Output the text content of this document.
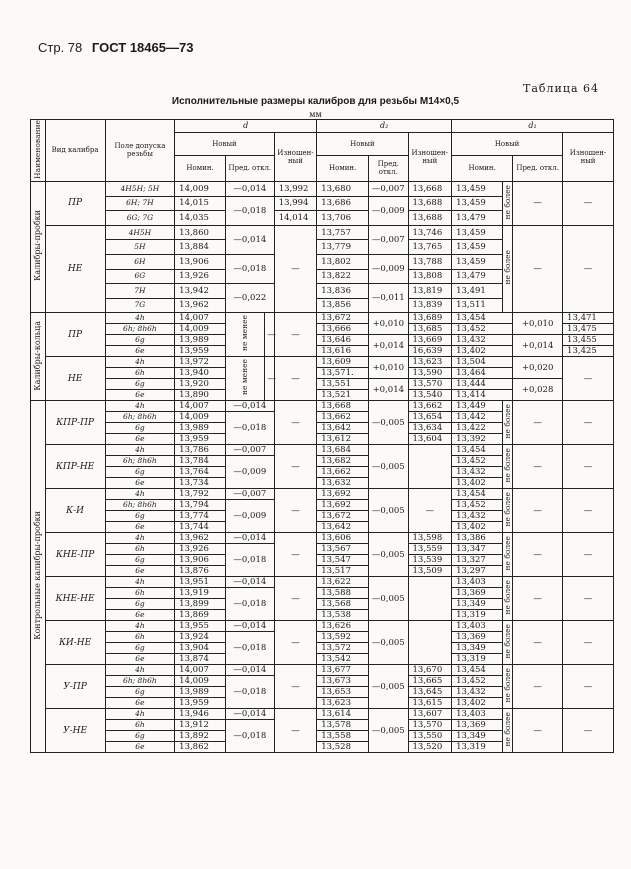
Стр. 78 ГОСТ 18465—73
Таблица 64
Исполнительные размеры калибров для резьбы М14×0,5
мм
Наименование	Вид калибра	Поле допуска резьбы	d				d₂			d₁			
			Новый			Изношенный	Новый		Изношенный	Новый			Изношенный
			Номин.	Пред. откл.			Номин.	Пред. откл.		Номин.		Пред. откл.	
Калибры-пробки	ПР	4H5H; 5H	14,009	—0,014		13,992	13,680	—0,007	13,668	13,459	не более	—	—
		6H; 7H	14,015	—0,018		13,994	13,686	—0,009	13,688	13,459			
		6G; 7G	14,035			14,014	13,706		13,688	13,479			
	НЕ	4H5H	13,860	—0,014		—	13,757	—0,007	13,746	13,459	не более	—	—
		5H	13,884				13,779		13,765	13,459			
		6H	13,906	—0,018			13,802	—0,009	13,788	13,459			
		6G	13,926				13,822		13,808	13,479			
		7H	13,942	—0,022			13,836	—0,011	13,819	13,491			
		7G	13,962				13,856		13,839	13,511			
Калибры-кольца	ПР	4h	14,007	не менее	—	—	13,672	+0,010	13,689	13,454		+0,010	13,471
		6h; 8h6h	14,009				13,666		13,685	13,452			13,475
		6g	13,989				13,646	+0,014	13,669	13,432		+0,014	13,455
		6e	13,959				13,616		16,639	13,402			13,425
	НЕ	4h	13,972	не менее	—	—	13,609	+0,010	13,623	13,504		+0,020	—
		6h	13,940				13,571.		13,590	13,464			
		6g	13,920				13,551	+0,014	13,570	13,444		+0,028	
		6e	13,890				13,521		13,540	13,414			
Контрольные калибры-пробки	КПР-ПР	4h	14,007	—0,014		—	13,668	—0,005	13,662	13,449	не более	—	—
		6h; 8h6h	14,009	—0,018			13,662		13,654	13,442			
		6g	13,989				13,642		13,634	13,422			
		6e	13,959				13,612		13,604	13,392			
	КПР-НЕ	4h	13,786	—0,007		—	13,684	—0,005		13,454	не более	—	—
		6h; 8h6h	13,784	—0,009			13,682			13,452			
		6g	13,764				13,662			13,432			
		6e	13,734				13,632			13,402			
	К-И	4h	13,792	—0,007		—	13,692	—0,005	—	13,454	не более	—	—
		6h; 8h6h	13,794	—0,009			13,692			13,452			
		6g	13,774				13,672			13,432			
		6e	13,744				13,642			13,402			
	КНЕ-ПР	4h	13,962	—0,014		—	13,606	—0,005	13,598	13,386	не более	—	—
		6h	13,926	—0,018			13,567		13,559	13,347			
		6g	13,906				13,547		13,539	13,327			
		6e	13,876				13,517		13,509	13,297			
	КНЕ-НЕ	4h	13,951	—0,014		—	13,622	—0,005		13,403	не более	—	—
		6h	13,919	—0,018			13,588			13,369			
		6g	13,899				13,568			13,349			
		6e	13,869				13,538			13,319			
	КИ-НЕ	4h	13,955	—0,014		—	13,626	—0,005		13,403	не более	—	—
		6h	13,924	—0,018			13,592			13,369			
		6g	13,904				13,572			13,349			
		6e	13,874				13,542			13,319			
	У-ПР	4h	14,007	—0,014		—	13,677	—0,005	13,670	13,454	не более	—	—
		6h; 8h6h	14,009	—0,018			13,673		13,665	13,452			
		6g	13,989				13,653		13,645	13,432			
		6e	13,959				13,623		13,615	13,402			
	У-НЕ	4h	13,946	—0,014		—	13,614	—0,005	13,607	13,403	не более	—	—
		6h	13,912	—0,018			13,578		13,570	13,369			
		6g	13,892				13,558		13,550	13,349			
		6e	13,862				13,528		13,520	13,319			
